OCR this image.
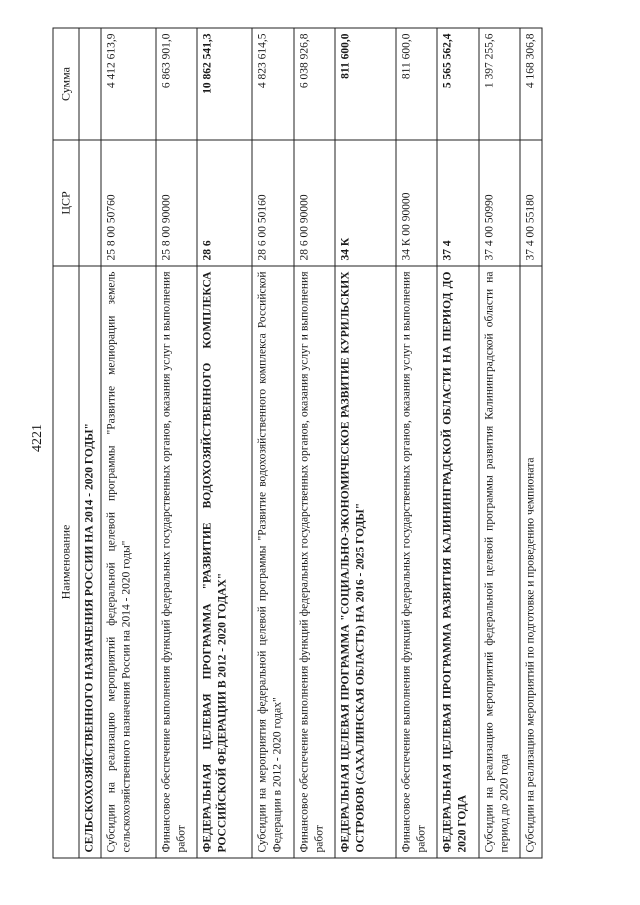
4221
Наименование	ЦСР	Сумма
СЕЛЬСКОХОЗЯЙСТВЕННОГО НАЗНАЧЕНИЯ РОССИИ НА 2014 - 2020 ГОДЫ"		
Субсидии на реализацию мероприятий федеральной целевой программы "Развитие мелиорации земель сельскохозяйственного назначения России на 2014 - 2020 годы"	25 8 00 50760	4 412 613,9
Финансовое обеспечение выполнения функций федеральных государственных органов, оказания услуг и выполнения работ	25 8 00 90000	6 863 901,0
ФЕДЕРАЛЬНАЯ ЦЕЛЕВАЯ ПРОГРАММА "РАЗВИТИЕ ВОДОХОЗЯЙСТВЕННОГО КОМПЛЕКСА РОССИЙСКОЙ ФЕДЕРАЦИИ В 2012 - 2020 ГОДАХ"	28 6	10 862 541,3
Субсидии на мероприятия федеральной целевой программы "Развитие водохозяйственного комплекса Российской Федерации в 2012 - 2020 годах"	28 6 00 50160	4 823 614,5
Финансовое обеспечение выполнения функций федеральных государственных органов, оказания услуг и выполнения работ	28 6 00 90000	6 038 926,8
ФЕДЕРАЛЬНАЯ ЦЕЛЕВАЯ ПРОГРАММА "СОЦИАЛЬНО-ЭКОНОМИЧЕСКОЕ РАЗВИТИЕ КУРИЛЬСКИХ ОСТРОВОВ (САХАЛИНСКАЯ ОБЛАСТЬ) НА 2016 - 2025 ГОДЫ"	34 К	811 600,0
Финансовое обеспечение выполнения функций федеральных государственных органов, оказания услуг и выполнения работ	34 К 00 90000	811 600,0
ФЕДЕРАЛЬНАЯ ЦЕЛЕВАЯ ПРОГРАММА РАЗВИТИЯ КАЛИНИНГРАДСКОЙ ОБЛАСТИ НА ПЕРИОД ДО 2020 ГОДА	37 4	5 565 562,4
Субсидии на реализацию мероприятий федеральной целевой программы развития Калининградской области на период до 2020 года	37 4 00 50990	1 397 255,6
Субсидии на реализацию мероприятий по подготовке и проведению чемпионата	37 4 00 55180	4 168 306,8
